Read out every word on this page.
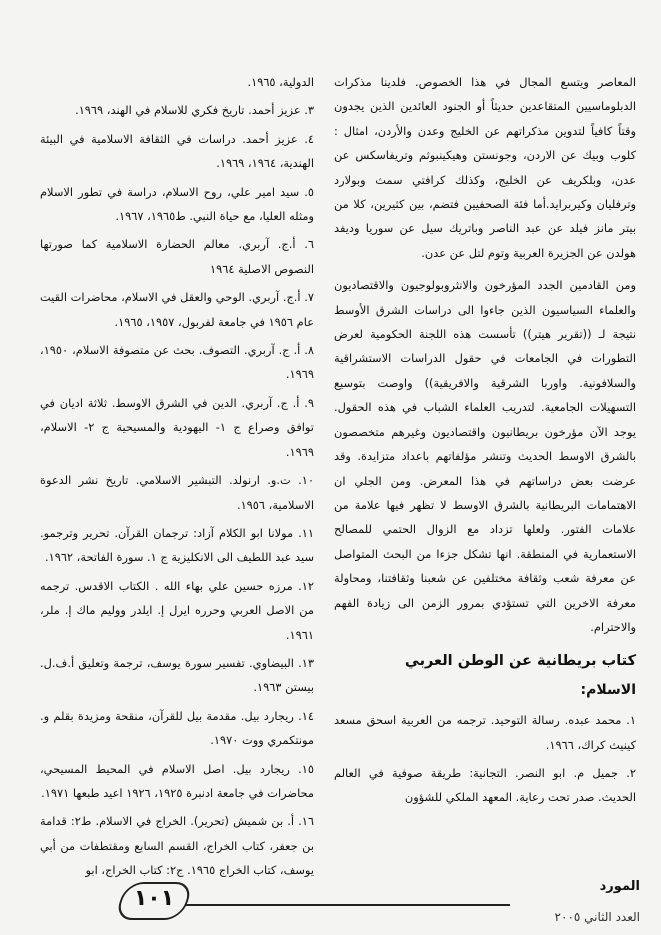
المعاصر ويتسع المجال في هذا الخصوص. فلدينا مذكرات الدبلوماسيين المتقاعدين حديثاً أو الجنود العائدين الذين يجدون وقتاً كافياً لتدوين مذكراتهم عن الخليج وعدن والأردن، امثال : كلوب وبيك عن الاردن، وجونستن وهيكينبوثم وتريفاسكس عن عدن، وبلكريف عن الخليج، وكذلك كرافتي سمث وبولارد وترفليان وكيربرايد.أما فئة الصحفيين فتضم، بين كثيرين، كلا من بيتر مانز فيلد عن عبد الناصر وباتريك سيل عن سوريا وديفد هولدن عن الجزيرة العربية وتوم لتل عن عدن.

ومن القادمين الجدد المؤرخون والانثروبولوجيون والاقتصاديون والعلماء السياسيون الذين جاءوا الى دراسات الشرق الأوسط نتيجة لـ ((تقرير هيتر)) تأسست هذه اللجنة الحكومية لعرض التطورات في الجامعات في حقول الدراسات الاستشراقية والسلافونية. واوربا الشرقية والافريقية)) واوصت بتوسيع التسهيلات الجامعية. لتدريب العلماء الشباب في هذه الحقول. يوجد الآن مؤرخون بريطانيون واقتصاديون وغيرهم متخصصون بالشرق الاوسط الحديث وتنشر مؤلفاتهم باعداد متزايدة. وقد عرضت بعض دراساتهم في هذا المعرض. ومن الجلي ان الاهتمامات البريطانية بالشرق الاوسط لا تظهر فيها علامة من علامات الفتور. ولعلها تزداد مع الزوال الحتمي للمصالح الاستعمارية في المنطقة. انها تشكل جزءا من البحث المتواصل عن معرفة شعب وثقافة مختلفين عن شعبنا وثقافتنا، ومحاولة معرفة الاخرين التي تستؤدي بمرور الزمن الى زيادة الفهم والاحترام.

كتاب بريطانية عن الوطن العربي

الاسلام:

١. محمد عبده. رسالة التوحيد. ترجمه من العربية اسحق مسعد كينيث كراك، ١٩٦٦.

٢. جميل م. ابو النصر. التجانية: طريقة صوفية في العالم الحديث. صدر تحت رعاية. المعهد الملكي للشؤون

الدولية، ١٩٦٥.

٣. عزيز أحمد. تاريخ فكري للاسلام في الهند، ١٩٦٩.

٤. عزيز أحمد. دراسات في الثقافة الاسلامية في البيئة الهندية، ١٩٦٤، ١٩٦٩.

٥. سيد امير علي، روح الاسلام، دراسة في تطور الاسلام ومثله العليا، مع حياة النبي. ط١٩٦٥، ١٩٦٧.

٦. أ.ج. آربري. معالم الحضارة الاسلامية كما صورتها النصوص الاصلية ١٩٦٤

٧. أ.ج. آربري. الوحي والعقل في الاسلام، محاضرات القيت عام ١٩٥٦ في جامعة لفربول، ١٩٥٧، ١٩٦٥.

٨. أ. ج. آربري. التصوف. بحث عن متصوفة الاسلام، ١٩٥٠، ١٩٦٩.

٩. أ. ج. آربري. الدين في الشرق الاوسط. ثلاثة اديان في توافق وصراع ج ١- اليهودية والمسيحية ج ٢- الاسلام، ١٩٦٩.

١٠. ت.و. ارنولد. التبشير الاسلامي. تاريخ نشر الدعوة الاسلامية، ١٩٥٦.

١١. مولانا ابو الكلام آزاد: ترجمان القرآن. تحرير وترجمو. سيد عبد اللطيف الى الانكليزية ج ١. سورة الفاتحة، ١٩٦٢.

١٢. مرزه حسين علي بهاء الله . الكتاب الاقدس. ترجمه من الاصل العربي وحرره ايرل إ. ايلدر ووليم ماك إ. ملر، ١٩٦١.

١٣. البيضاوي. تفسير سورة يوسف، ترجمة وتعليق أ.ف.ل. بيستن ١٩٦٣.

١٤. ريجارد بيل. مقدمة بيل للقرآن، منقحة ومزيدة بقلم و. مونتكمري ووت ١٩٧٠.

١٥. ريجارد بيل. اصل الاسلام في المحيط المسيحي، محاضرات في جامعة ادنبرة ١٩٢٥، ١٩٢٦ اعيد طبعها ١٩٧١.

١٦. أ. بن شميش (تحرير). الخراج في الاسلام. ط٢: قدامة بن جعفر، كتاب الخراج، القسم السابع ومقتطفات من أبي يوسف، كتاب الخراج ١٩٦٥. ج٢: كتاب الخراج، ابو

١٠١	المورد
العدد الثاني ٢٠٠٥
